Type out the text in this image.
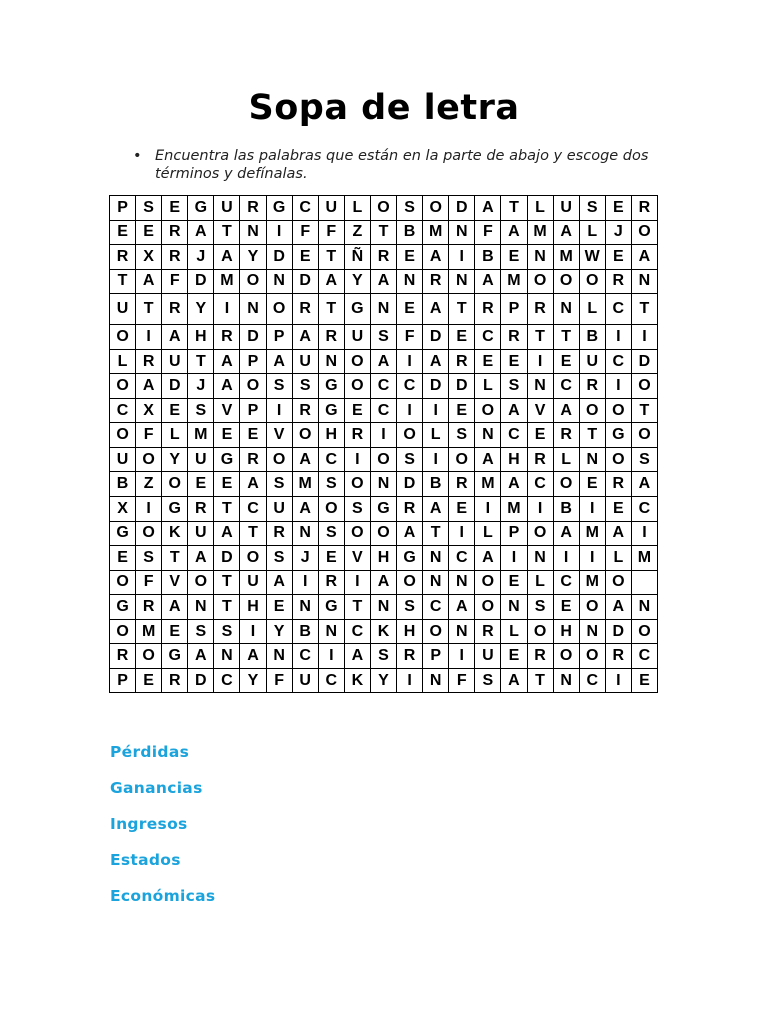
Sopa de letra
• Encuentra las palabras que están en la parte de abajo y escoge dos términos y defínalas.
P	S	E	G	U	R	G	C	U	L	O	S	O	D	A	T	L	U	S	E	R
E	E	R	A	T	N	I	F	F	Z	T	B	M	N	F	A	M	A	L	J	O
R	X	R	J	A	Y	D	E	T	Ñ	R	E	A	I	B	E	N	M	W	E	A
T	A	F	D	M	O	N	D	A	Y	A	N	R	N	A	M	O	O	O	R	N
U	T	R	Y	I	N	O	R	T	G	N	E	A	T	R	P	R	N	L	C	T
O	I	A	H	R	D	P	A	R	U	S	F	D	E	C	R	T	T	B	I	I
L	R	U	T	A	P	A	U	N	O	A	I	A	R	E	E	I	E	U	C	D
O	A	D	J	A	O	S	S	G	O	C	C	D	D	L	S	N	C	R	I	O
C	X	E	S	V	P	I	R	G	E	C	I	I	E	O	A	V	A	O	O	T
O	F	L	M	E	E	V	O	H	R	I	O	L	S	N	C	E	R	T	G	O
U	O	Y	U	G	R	O	A	C	I	O	S	I	O	A	H	R	L	N	O	S
B	Z	O	E	E	A	S	M	S	O	N	D	B	R	M	A	C	O	E	R	A
X	I	G	R	T	C	U	A	O	S	G	R	A	E	I	M	I	B	I	E	C
G	O	K	U	A	T	R	N	S	O	O	A	T	I	L	P	O	A	M	A	I
E	S	T	A	D	O	S	J	E	V	H	G	N	C	A	I	N	I	I	L	M
O	F	V	O	T	U	A	I	R	I	A	O	N	N	O	E	L	C	M	O	
G	R	A	N	T	H	E	N	G	T	N	S	C	A	O	N	S	E	O	A	N
O	M	E	S	S	I	Y	B	N	C	K	H	O	N	R	L	O	H	N	D	O
R	O	G	A	N	A	N	C	I	A	S	R	P	I	U	E	R	O	O	R	C
P	E	R	D	C	Y	F	U	C	K	Y	I	N	F	S	A	T	N	C	I	E
Pérdidas
Ganancias
Ingresos
Estados
Económicas
